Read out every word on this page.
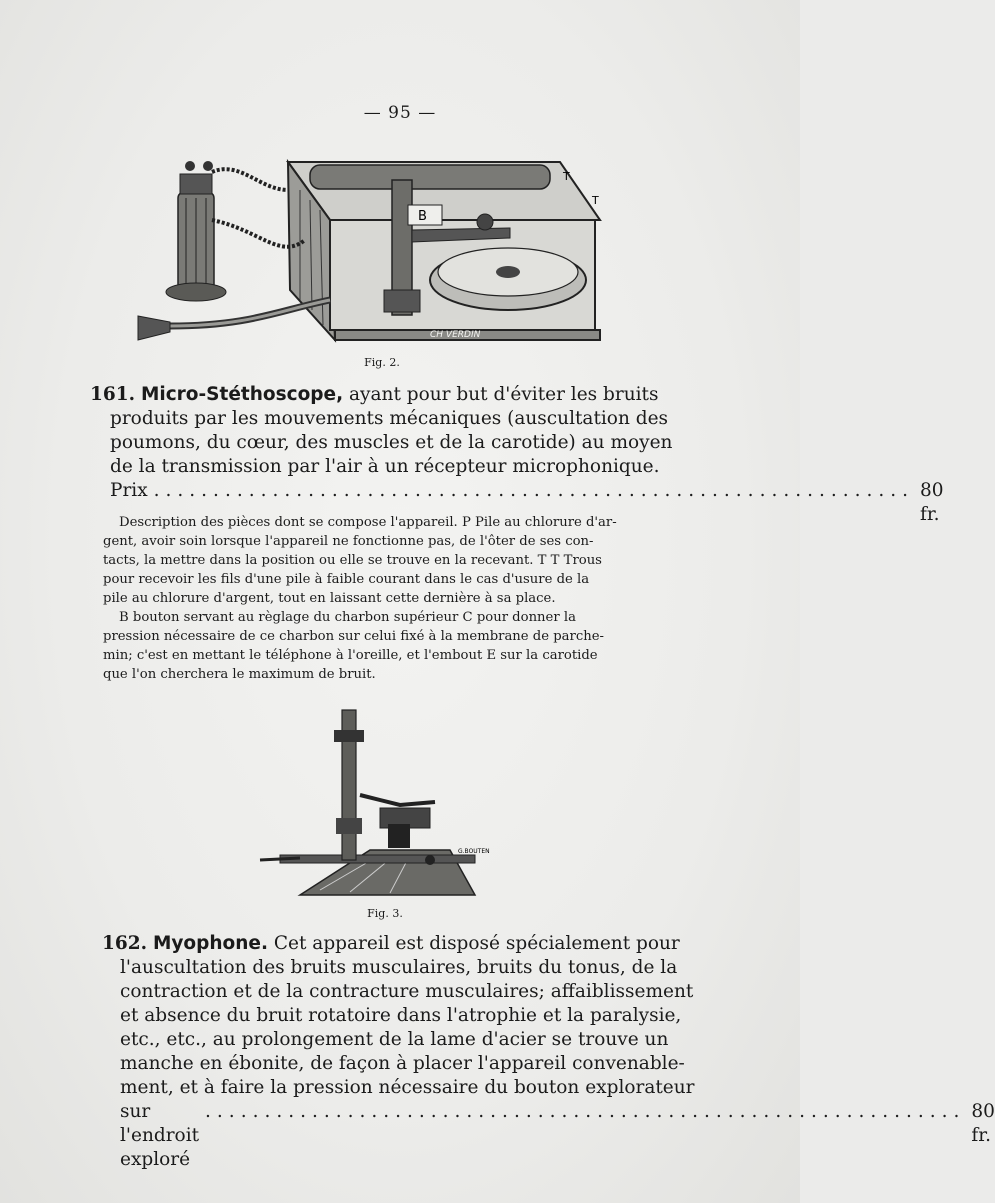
— 95 —
B
T
T
CH VERDIN
Fig. 2.
161. Micro-Stéthoscope, ayant pour but d'éviter les bruits
produits par les mouvements mécaniques (auscultation des
poumons, du cœur, des muscles et de la carotide) au moyen
de la transmission par l'air à un récepteur microphonique.
Prix ................................................................ 80 fr.

Description des pièces dont se compose l'appareil. P Pile au chlorure d'ar-

gent, avoir soin lorsque l'appareil ne fonctionne pas, de l'ôter de ses con-

tacts, la mettre dans la position ou elle se trouve en la recevant. T T Trous

pour recevoir les fils d'une pile à faible courant dans le cas d'usure de la

pile au chlorure d'argent, tout en laissant cette dernière à sa place.

B bouton servant au règlage du charbon supérieur C pour donner la

pression nécessaire de ce charbon sur celui fixé à la membrane de parche-

min; c'est en mettant le téléphone à l'oreille, et l'embout E sur la carotide

que l'on cherchera le maximum de bruit.

G.BOUTEN
Fig. 3.
162. Myophone. Cet appareil est disposé spécialement pour
l'auscultation des bruits musculaires, bruits du tonus, de la
contraction et de la contracture musculaires; affaiblissement
et absence du bruit rotatoire dans l'atrophie et la paralysie,
etc., etc., au prolongement de la lame d'acier se trouve un
manche en ébonite, de façon à placer l'appareil convenable-
ment, et à faire la pression nécessaire du bouton explorateur
sur l'endroit exploré
................................................................ 80 fr.
